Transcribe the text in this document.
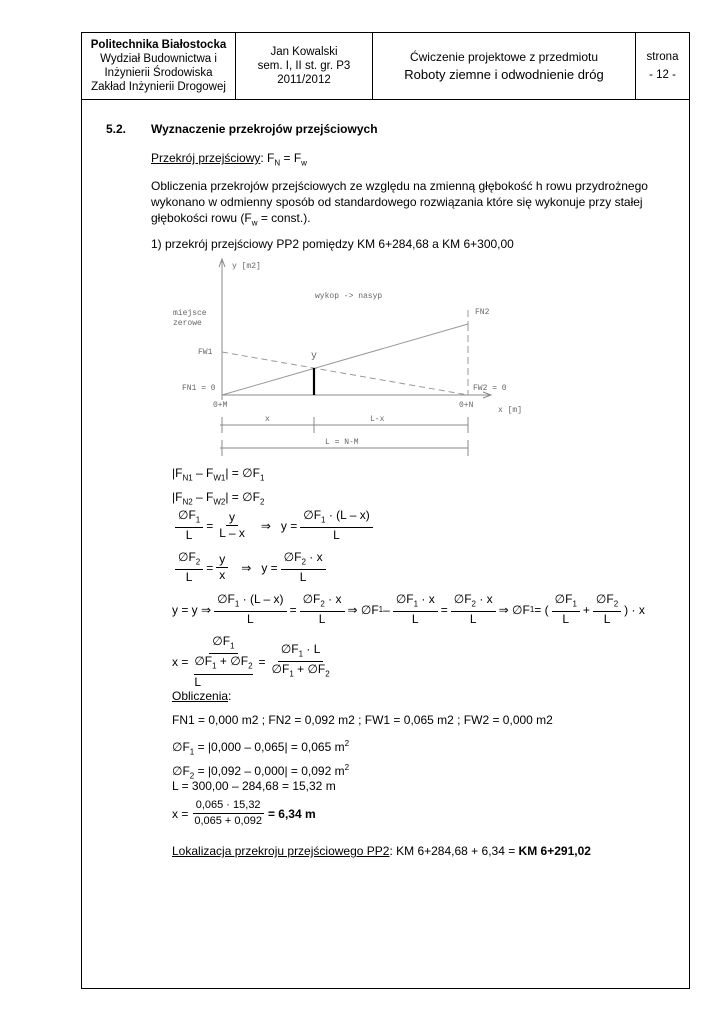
Politechnika Białostocka
Wydział Budownictwa i
Inżynierii Środowiska
Zakład Inżynierii Drogowej
Jan Kowalski
sem. I, II st. gr. P3
2011/2012
Ćwiczenie projektowe z przedmiotu
Roboty ziemne i odwodnienie dróg
strona
- 12 -
5.2. Wyznaczenie przekrojów przejściowych
Przekrój przejściowy: $F_N = F_w$
Obliczenia przekrojów przejściowych ze względu na zmienną głębokość h rowu przydrożnego
wykonano w odmienny sposób od standardowego rozwiązania które się wykonuje przy stałej
głębokości rowu ($F_w$ = const.).
1) przekrój przejściowy PP2 pomiędzy KM 6+284,68 a KM 6+300,00
y [m2]
x [m]
wykop -> nasyp
miejsce
zerowe
y
FN2
FW1
FN1 = 0	FW2 = 0
0+M	0+N
x	L-x
L = N-M
$|F_{N1} - F_{W1}|$ = $\emptyset F_1$
$|F_{N2} - F_{W2}|$ = $\emptyset F_2$
$\frac{\emptyset F_1}{L} = \frac{y}{L - x}$ ⇒
$y = \frac{\emptyset F_1 \cdot (L - x)}{L}$
$\frac{\emptyset F_2}{L} = \frac{y}{x}$ ⇒
$y = \frac{\emptyset F_2 \cdot x}{L}$
y = y ⇒ $\frac{\emptyset F_1 \cdot (L - x)}{L} = \frac{\emptyset F_2 \cdot x}{L}$ ⇒ ∅F $1 - \frac{\emptyset F_1 \cdot x}{L} = \frac{\emptyset F_2 \cdot x}{L}$ ⇒ ∅F 1 = ( $\frac{\emptyset F_1}{L} + \frac{\emptyset F_2}{L}$ ) · x
$x = \emptyset F_1$
$\emptyset F_1$ + $\emptyset F_2$
$L = \frac{\emptyset F_1 \cdot L}{\emptyset F_1 + \emptyset F_2}$
Obliczenia:
FN1 = 0,000 m2 ; FN2 = 0,092 m2 ; FW1 = 0,065 m2 ; FW2 = 0,000 m2
$\emptyset F_1 = |0,000 - 0,065| = 0,065$ $m^2$
$\emptyset F_2 = |0,092 - 0,000| = 0,092$ $m^2$
L = 300,00 – 284,68 = 15,32 m
$x = \frac{0,065 \cdot 15,32}{0,065 + 0,092} = 6,34$ m
Lokalizacja przekroju przejściowego PP2: KM 6+284,68 + 6,34 = KM 6+291,02
